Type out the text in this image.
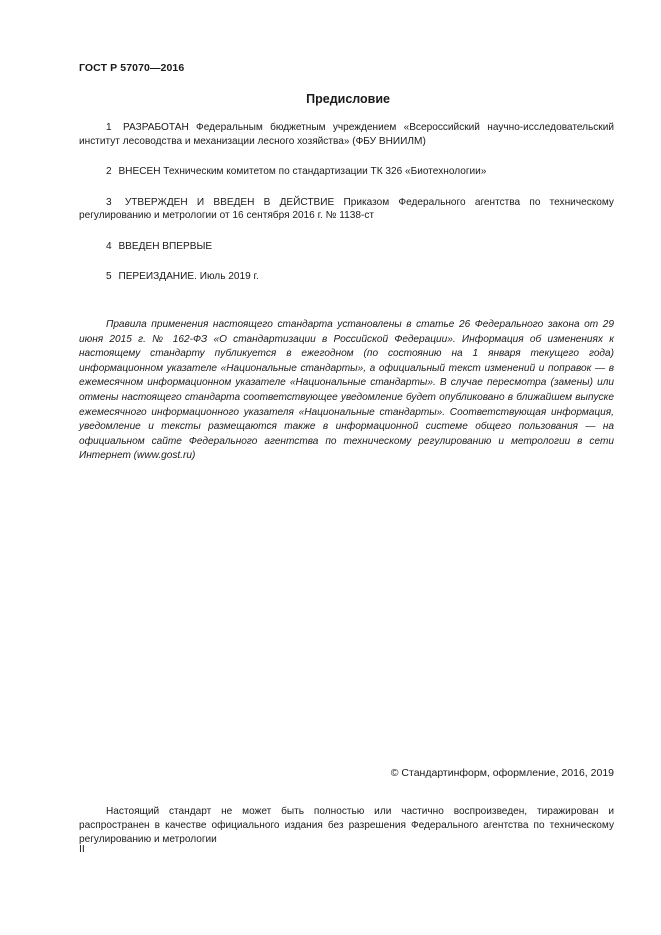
ГОСТ Р 57070—2016
Предисловие

1 РАЗРАБОТАН Федеральным бюджетным учреждением «Всероссийский научно-исследовательский институт лесоводства и механизации лесного хозяйства» (ФБУ ВНИИЛМ)

2 ВНЕСЕН Техническим комитетом по стандартизации ТК 326 «Биотехнологии»

3 УТВЕРЖДЕН И ВВЕДЕН В ДЕЙСТВИЕ Приказом Федерального агентства по техническому регулированию и метрологии от 16 сентября 2016 г. № 1138-ст

4 ВВЕДЕН ВПЕРВЫЕ

5 ПЕРЕИЗДАНИЕ. Июль 2019 г.

Правила применения настоящего стандарта установлены в статье 26 Федерального закона от 29 июня 2015 г. № 162-ФЗ «О стандартизации в Российской Федерации». Информация об изменениях к настоящему стандарту публикуется в ежегодном (по состоянию на 1 января текущего года) информационном указателе «Национальные стандарты», а официальный текст изменений и поправок — в ежемесячном информационном указателе «Национальные стандарты». В случае пересмотра (замены) или отмены настоящего стандарта соответствующее уведомление будет опубликовано в ближайшем выпуске ежемесячного информационного указателя «Национальные стандарты». Соответствующая информация, уведомление и тексты размещаются также в информационной системе общего пользования — на официальном сайте Федерального агентства по техническому регулированию и метрологии в сети Интернет (www.gost.ru)

© Стандартинформ, оформление, 2016, 2019

Настоящий стандарт не может быть полностью или частично воспроизведен, тиражирован и распространен в качестве официального издания без разрешения Федерального агентства по техническому регулированию и метрологии

II
